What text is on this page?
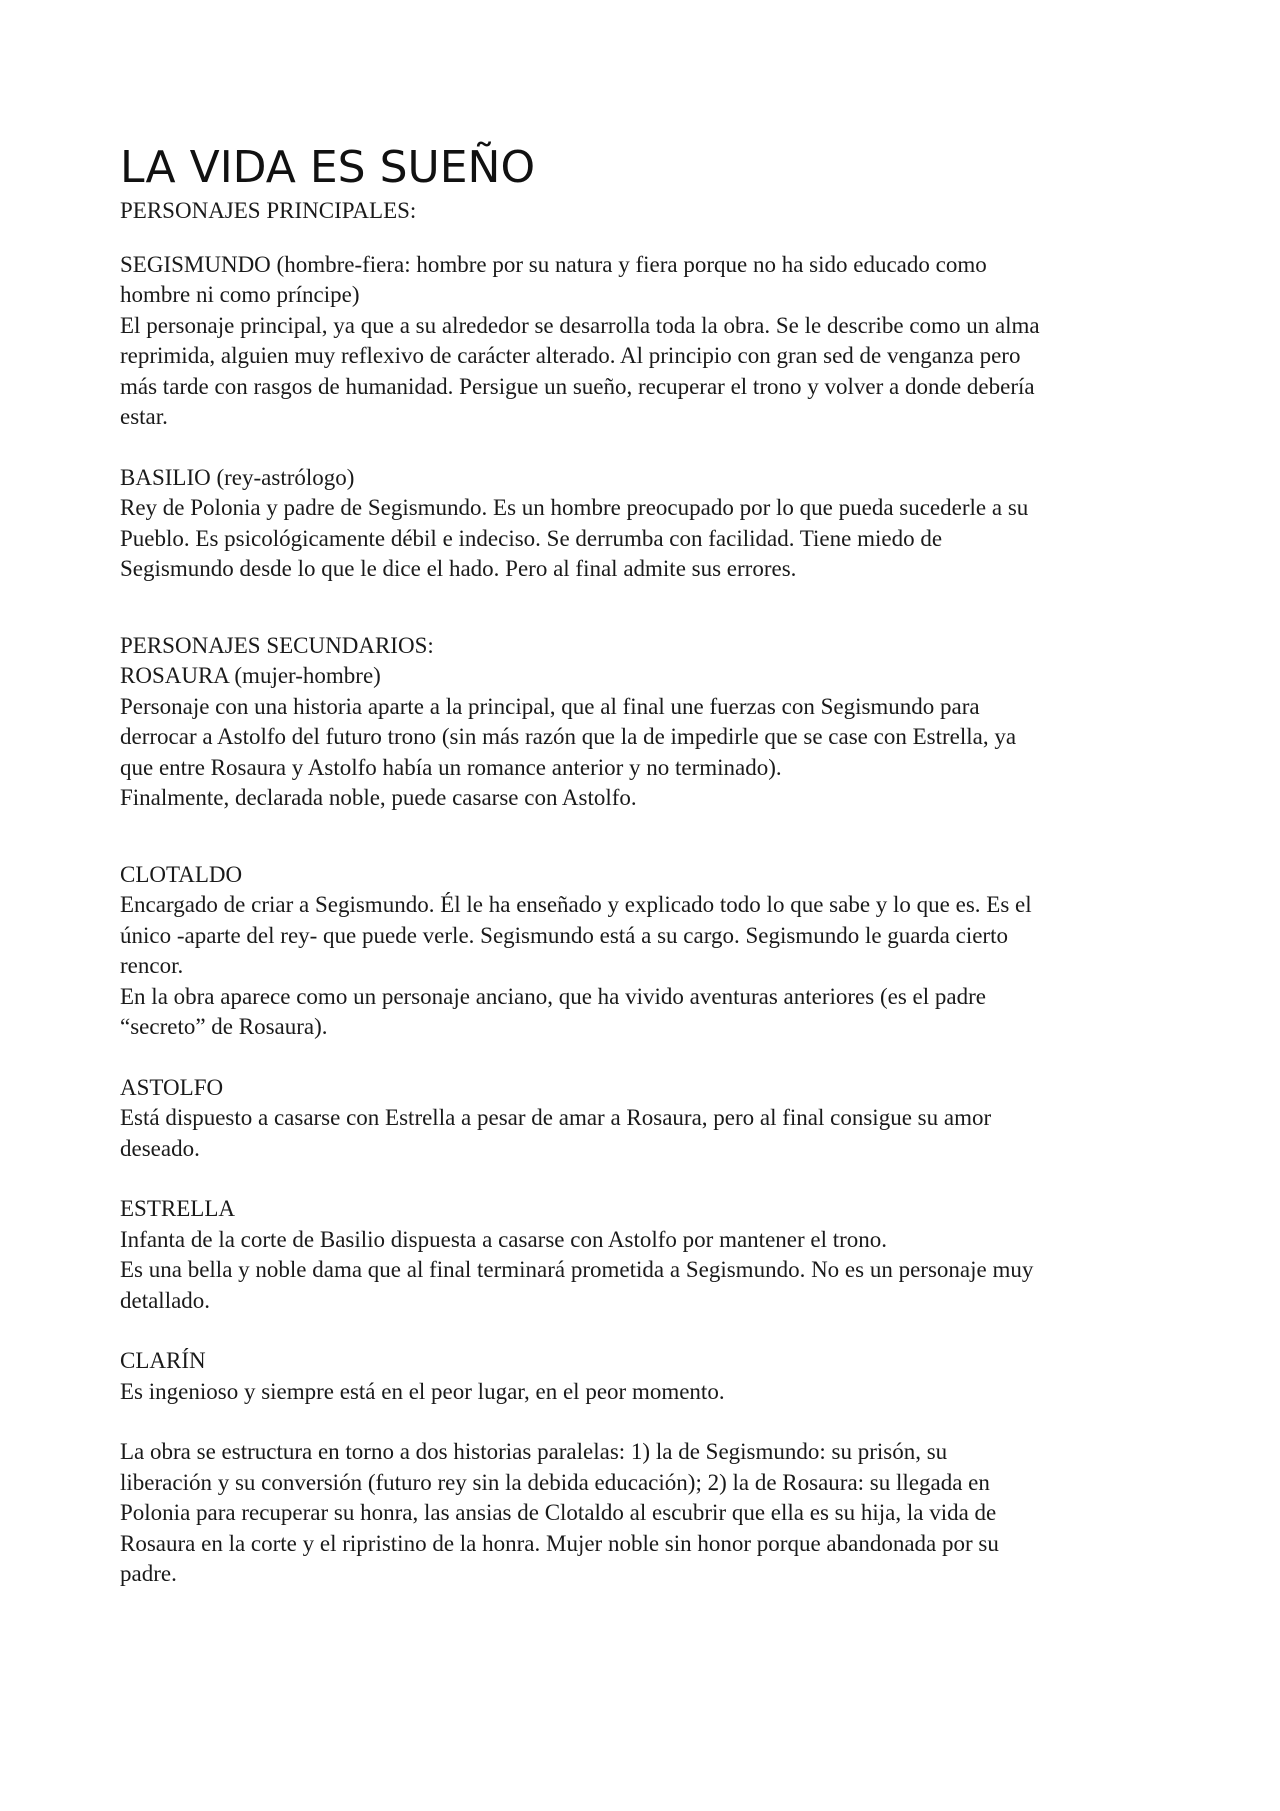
LA VIDA ES SUEÑO

PERSONAJES PRINCIPALES:

SEGISMUNDO (hombre-fiera: hombre por su natura y fiera porque no ha sido educado como

hombre ni como príncipe)

El personaje principal, ya que a su alrededor se desarrolla toda la obra. Se le describe como un alma

reprimida, alguien muy reflexivo de carácter alterado. Al principio con gran sed de venganza pero

más tarde con rasgos de humanidad. Persigue un sueño, recuperar el trono y volver a donde debería

estar.

BASILIO (rey-astrólogo)

Rey de Polonia y padre de Segismundo. Es un hombre preocupado por lo que pueda sucederle a su

Pueblo. Es psicológicamente débil e indeciso. Se derrumba con facilidad. Tiene miedo de

Segismundo desde lo que le dice el hado. Pero al final admite sus errores.

PERSONAJES SECUNDARIOS:

ROSAURA (mujer-hombre)

Personaje con una historia aparte a la principal, que al final une fuerzas con Segismundo para

derrocar a Astolfo del futuro trono (sin más razón que la de impedirle que se case con Estrella, ya

que entre Rosaura y Astolfo había un romance anterior y no terminado).

Finalmente, declarada noble, puede casarse con Astolfo.

CLOTALDO

Encargado de criar a Segismundo. Él le ha enseñado y explicado todo lo que sabe y lo que es. Es el

único -aparte del rey- que puede verle. Segismundo está a su cargo. Segismundo le guarda cierto

rencor.

En la obra aparece como un personaje anciano, que ha vivido aventuras anteriores (es el padre

“secreto” de Rosaura).

ASTOLFO

Está dispuesto a casarse con Estrella a pesar de amar a Rosaura, pero al final consigue su amor

deseado.

ESTRELLA

Infanta de la corte de Basilio dispuesta a casarse con Astolfo por mantener el trono.

Es una bella y noble dama que al final terminará prometida a Segismundo. No es un personaje muy

detallado.

CLARÍN

Es ingenioso y siempre está en el peor lugar, en el peor momento.

La obra se estructura en torno a dos historias paralelas: 1) la de Segismundo: su prisón, su

liberación y su conversión (futuro rey sin la debida educación); 2) la de Rosaura: su llegada en

Polonia para recuperar su honra, las ansias de Clotaldo al escubrir que ella es su hija, la vida de

Rosaura en la corte y el ripristino de la honra. Mujer noble sin honor porque abandonada por su

padre.
